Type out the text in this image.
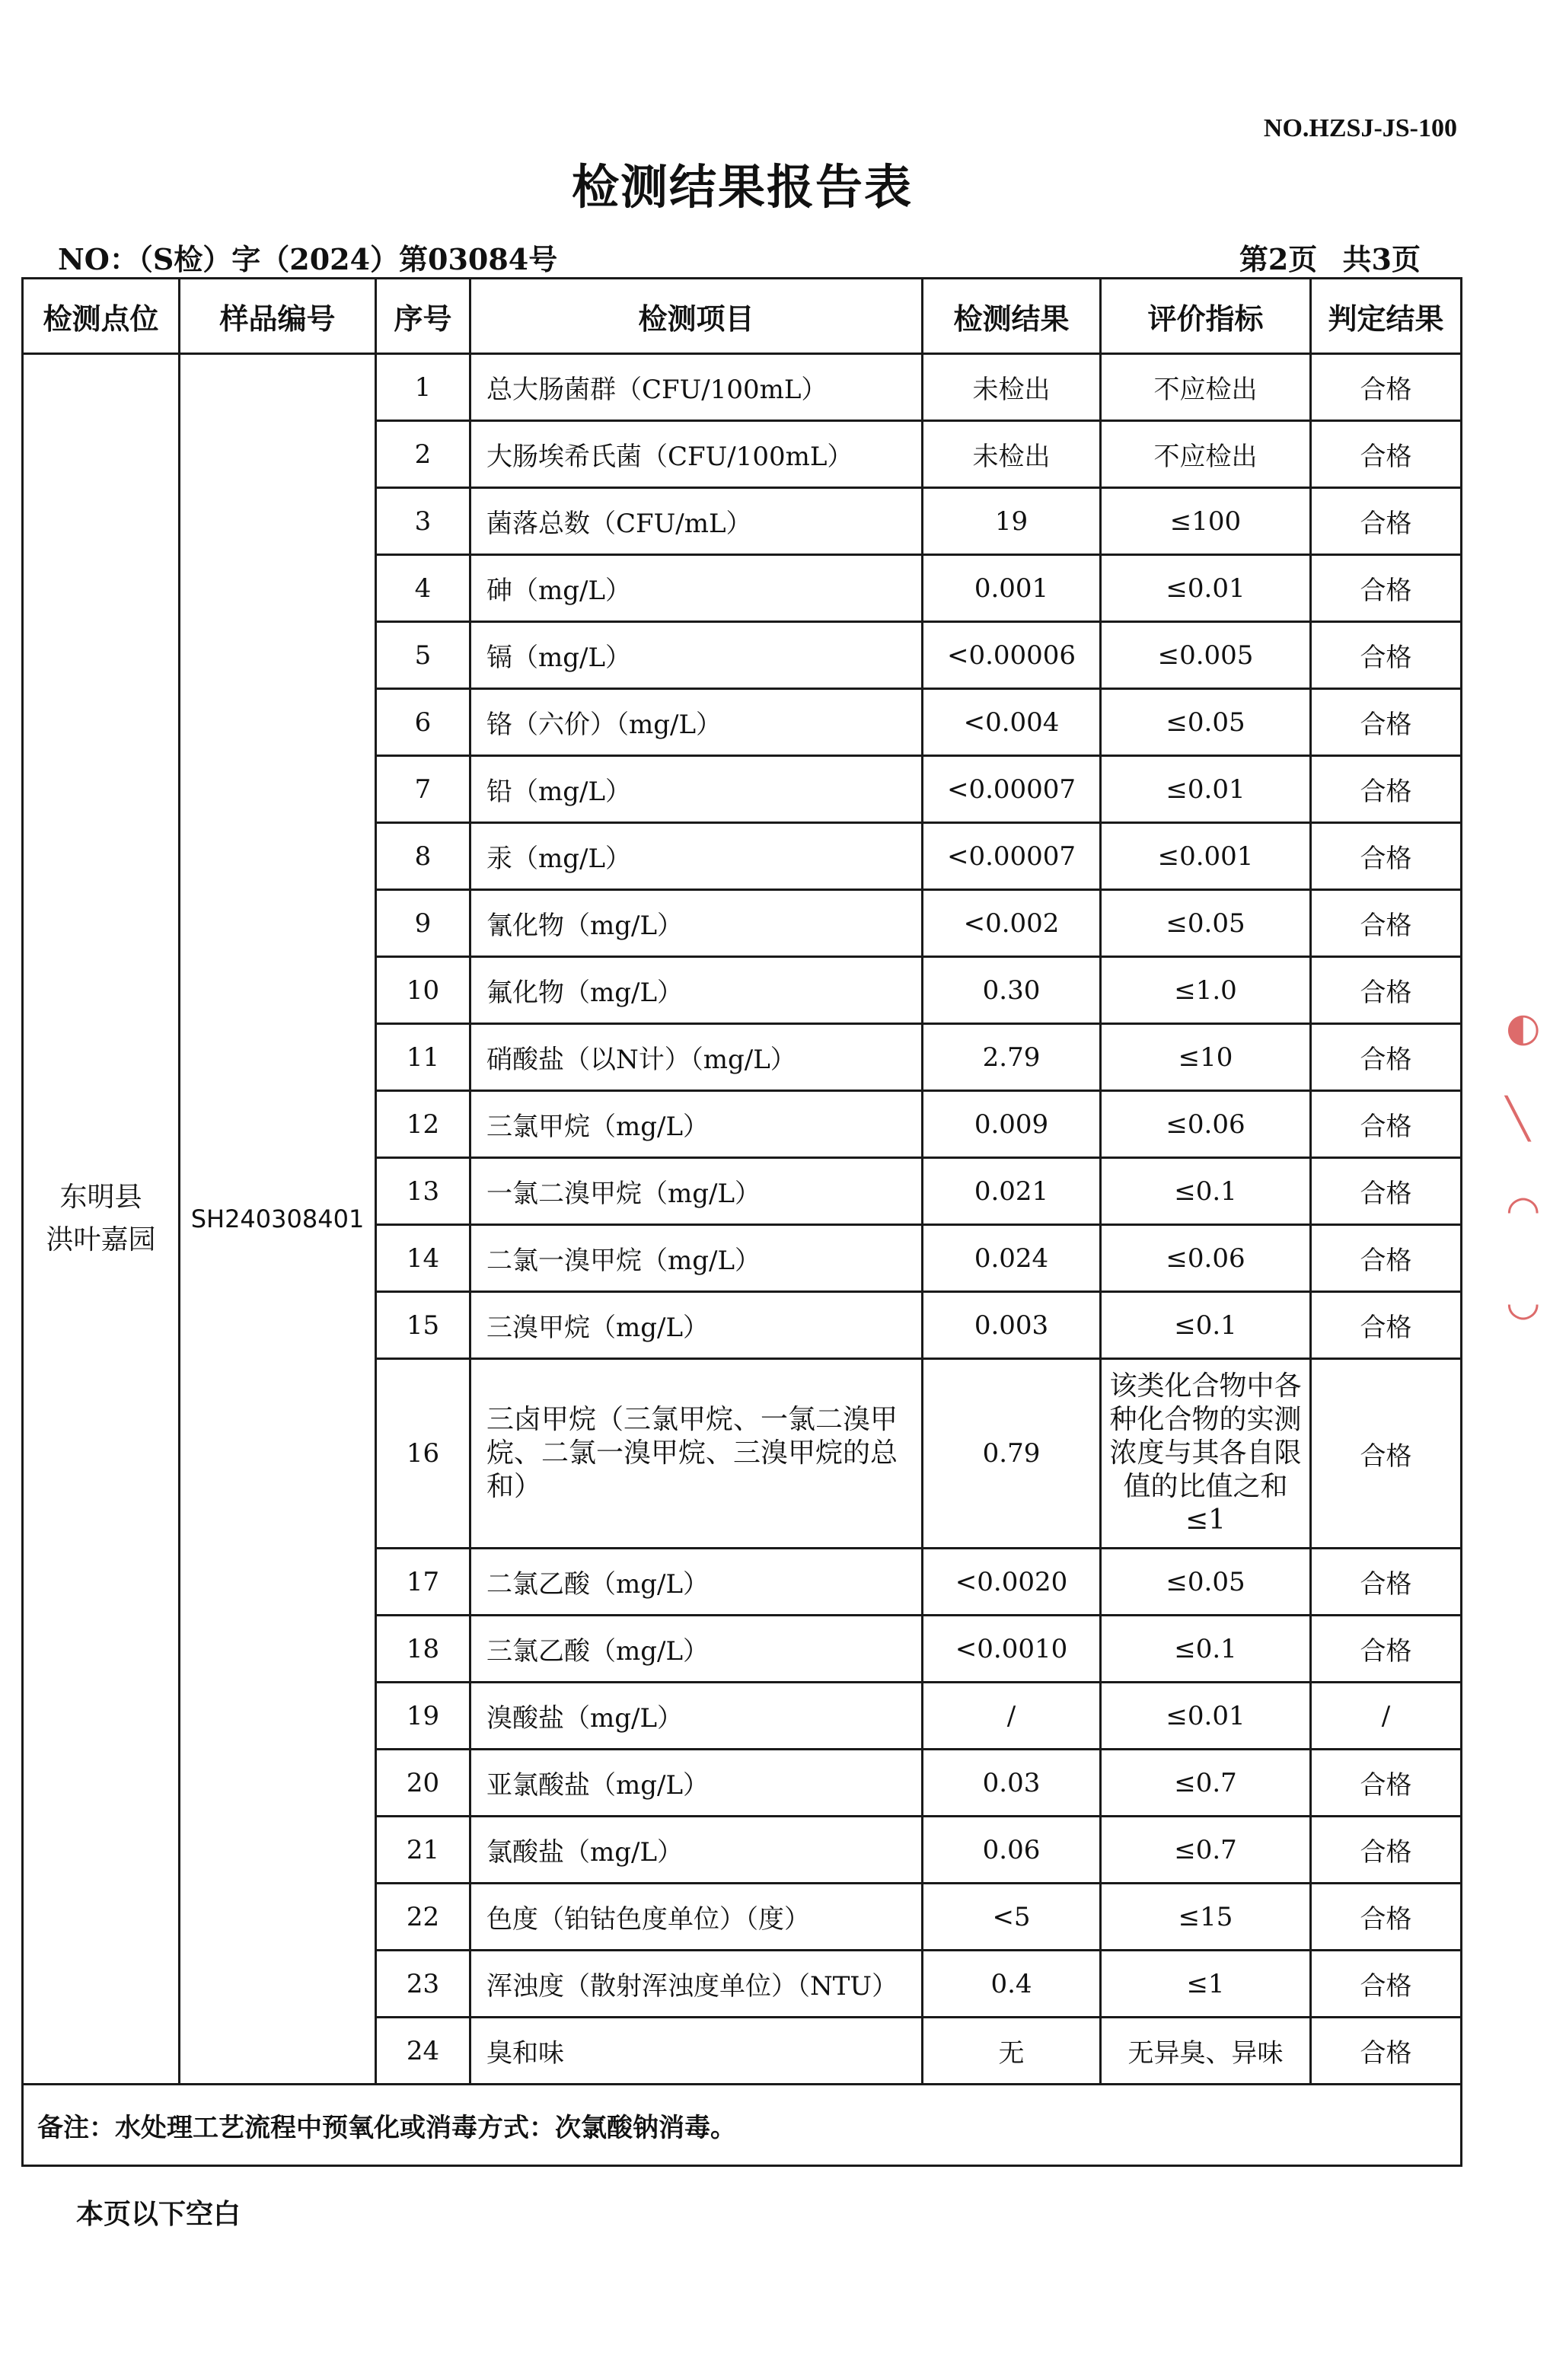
NO.HZSJ-JS-100
检测结果报告表
NO：（S检）字（2024）第03084号	第2页 共3页
检测点位	样品编号	序号	检测项目	检测结果	评价指标	判定结果

东明县
洪叶嘉园	SH240308401	1	总大肠菌群（CFU/100mL）	未检出	不应检出	合格
		2	大肠埃希氏菌（CFU/100mL）	未检出	不应检出	合格
		3	菌落总数（CFU/mL）	19	≤100	合格
		4	砷（mg/L）	0.001	≤0.01	合格
		5	镉（mg/L）	<0.00006	≤0.005	合格
		6	铬（六价）（mg/L）	<0.004	≤0.05	合格
		7	铅（mg/L）	<0.00007	≤0.01	合格
		8	汞（mg/L）	<0.00007	≤0.001	合格
		9	氰化物（mg/L）	<0.002	≤0.05	合格
		10	氟化物（mg/L）	0.30	≤1.0	合格
		11	硝酸盐（以N计）（mg/L）	2.79	≤10	合格
		12	三氯甲烷（mg/L）	0.009	≤0.06	合格
		13	一氯二溴甲烷（mg/L）	0.021	≤0.1	合格
		14	二氯一溴甲烷（mg/L）	0.024	≤0.06	合格
		15	三溴甲烷（mg/L）	0.003	≤0.1	合格
		16	三卤甲烷（三氯甲烷、一氯二溴甲烷、二氯一溴甲烷、三溴甲烷的总和）	0.79	该类化合物中各种化合物的实测浓度与其各自限值的比值之和≤1	合格
		17	二氯乙酸（mg/L）	<0.0020	≤0.05	合格
		18	三氯乙酸（mg/L）	<0.0010	≤0.1	合格
		19	溴酸盐（mg/L）	/	≤0.01	/
		20	亚氯酸盐（mg/L）	0.03	≤0.7	合格
		21	氯酸盐（mg/L）	0.06	≤0.7	合格
		22	色度（铂钴色度单位）（度）	<5	≤15	合格
		23	浑浊度（散射浑浊度单位）（NTU）	0.4	≤1	合格
		24	臭和味	无	无异臭、异味	合格
备注：水处理工艺流程中预氧化或消毒方式：次氯酸钠消毒。						
本页以下空白
◐
╲
◠
◡
